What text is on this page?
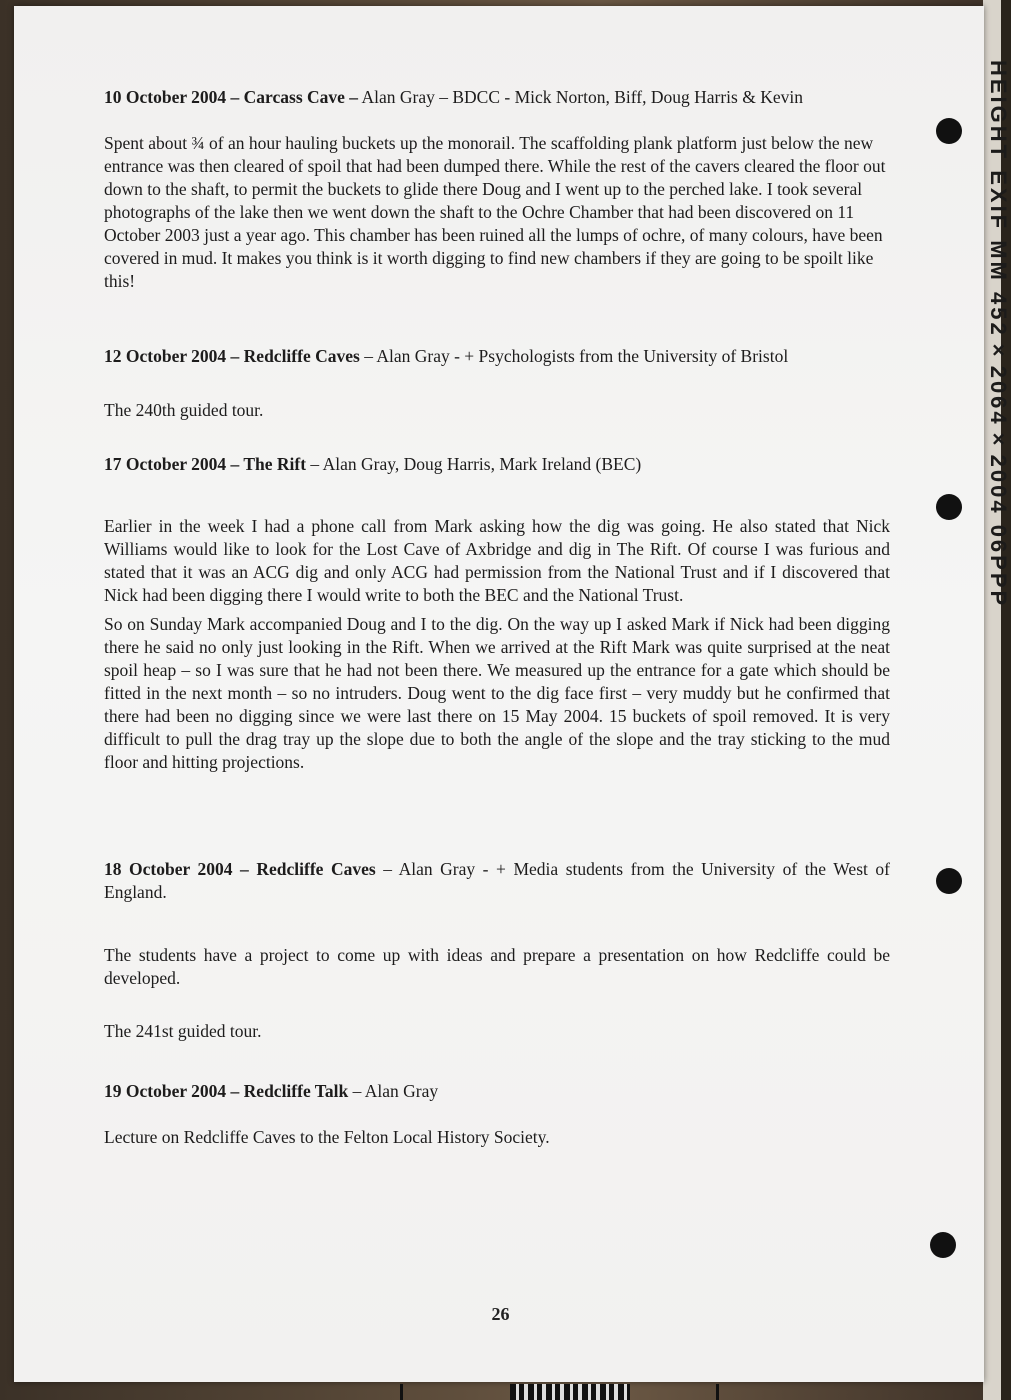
HEIGHT EXIF MM 452×2064×2004 06PPP

10 October 2004 – Carcass Cave – Alan Gray – BDCC - Mick Norton, Biff, Doug Harris & Kevin

Spent about ¾ of an hour hauling buckets up the monorail. The scaffolding plank platform just below the new entrance was then cleared of spoil that had been dumped there. While the rest of the cavers cleared the floor out down to the shaft, to permit the buckets to glide there Doug and I went up to the perched lake. I took several photographs of the lake then we went down the shaft to the Ochre Chamber that had been discovered on 11 October 2003 just a year ago. This chamber has been ruined all the lumps of ochre, of many colours, have been covered in mud. It makes you think is it worth digging to find new chambers if they are going to be spoilt like this!

12 October 2004 – Redcliffe Caves – Alan Gray - + Psychologists from the University of Bristol

The 240th guided tour.

17 October 2004 – The Rift – Alan Gray, Doug Harris, Mark Ireland (BEC)

Earlier in the week I had a phone call from Mark asking how the dig was going. He also stated that Nick Williams would like to look for the Lost Cave of Axbridge and dig in The Rift. Of course I was furious and stated that it was an ACG dig and only ACG had permission from the National Trust and if I discovered that Nick had been digging there I would write to both the BEC and the National Trust.

So on Sunday Mark accompanied Doug and I to the dig. On the way up I asked Mark if Nick had been digging there he said no only just looking in the Rift. When we arrived at the Rift Mark was quite surprised at the neat spoil heap – so I was sure that he had not been there. We measured up the entrance for a gate which should be fitted in the next month – so no intruders. Doug went to the dig face first – very muddy but he confirmed that there had been no digging since we were last there on 15 May 2004. 15 buckets of spoil removed. It is very difficult to pull the drag tray up the slope due to both the angle of the slope and the tray sticking to the mud floor and hitting projections.

18 October 2004 – Redcliffe Caves – Alan Gray - + Media students from the University of the West of England.

The students have a project to come up with ideas and prepare a presentation on how Redcliffe could be developed.

The 241st guided tour.

19 October 2004 – Redcliffe Talk – Alan Gray

Lecture on Redcliffe Caves to the Felton Local History Society.

26
